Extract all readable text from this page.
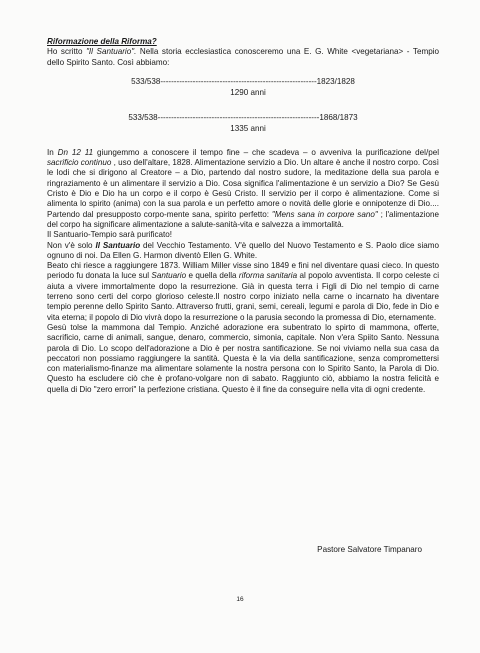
Riformazione della Riforma?

Ho scritto "Il Santuario". Nella storia ecclesiastica conosceremo una E. G. White <vegetariana> - Tempio dello Spirito Santo. Così abbiamo:

533/538----------------------------------------------------------1823/1828
1290 anni
533/538------------------------------------------------------------1868/1873
1335 anni

In Dn 12 11 giungemmo a conoscere il tempo fine – che scadeva – o avveniva la purificazione del/pel sacrificio continuo , uso dell'altare, 1828. Alimentazione servizio a Dio. Un altare è anche il nostro corpo. Così le lodi che si dirigono al Creatore – a Dio, partendo dal nostro sudore, la meditazione della sua parola e ringraziamento è un alimentare il servizio a Dio. Cosa significa l'alimentazione è un servizio a Dio? Se Gesù Cristo è Dio e Dio ha un corpo e il corpo è Gesù Cristo. Il servizio per il corpo è alimentazione. Come si alimenta lo spirito (anima) con la sua parola e un perfetto amore o novità delle glorie e onnipotenze di Dio.... Partendo dal presupposto corpo-mente sana, spirito perfetto: "Mens sana in corpore sano" ; l'alimentazione del corpo ha significare alimentazione a salute-sanità-vita e salvezza a immortalità.

Il Santuario-Tempio sarà purificato!

Non v'è solo Il Santuario del Vecchio Testamento. V'è quello del Nuovo Testamento e S. Paolo dice siamo ognuno di noi. Da Ellen G. Harmon diventò Ellen G. White.

Beato chi riesce a raggiungere 1873. William Miller visse sino 1849 e fini nel diventare quasi cieco. In questo periodo fu donata la luce sul Santuario e quella della riforma sanitaria al popolo avventista. Il corpo celeste ci aiuta a vivere immortalmente dopo la resurrezione. Già in questa terra i Figli di Dio nel tempio di carne terreno sono certi del corpo glorioso celeste.Il nostro corpo iniziato nella carne o incarnato ha diventare tempio perenne dello Spirito Santo. Attraverso frutti, grani, semi, cereali, legumi e parola di Dio, fede in Dio e vita eterna; il popolo di Dio vivrà dopo la resurrezione o la parusia secondo la promessa di Dio, eternamente.

Gesù tolse la mammona dal Tempio. Anziché adorazione era subentrato lo spirto di mammona, offerte, sacrificio, carne di animali, sangue, denaro, commercio, simonia, capitale. Non v'era Spiito Santo. Nessuna parola di Dio. Lo scopo dell'adorazione a Dio è per nostra santificazione. Se noi viviamo nella sua casa da peccatori non possiamo raggiungere la santità. Questa è la via della santificazione, senza compromettersi con materialismo-finanze ma alimentare solamente la nostra persona con lo Spirito Santo, la Parola di Dio. Questo ha escludere ciò che è profano-volgare non di sabato. Raggiunto ciò, abbiamo la nostra felicità e quella di Dio "zero errori" la perfezione cristiana. Questo è il fine da conseguire nella vita di ogni credente.

Pastore Salvatore Timpanaro
16
